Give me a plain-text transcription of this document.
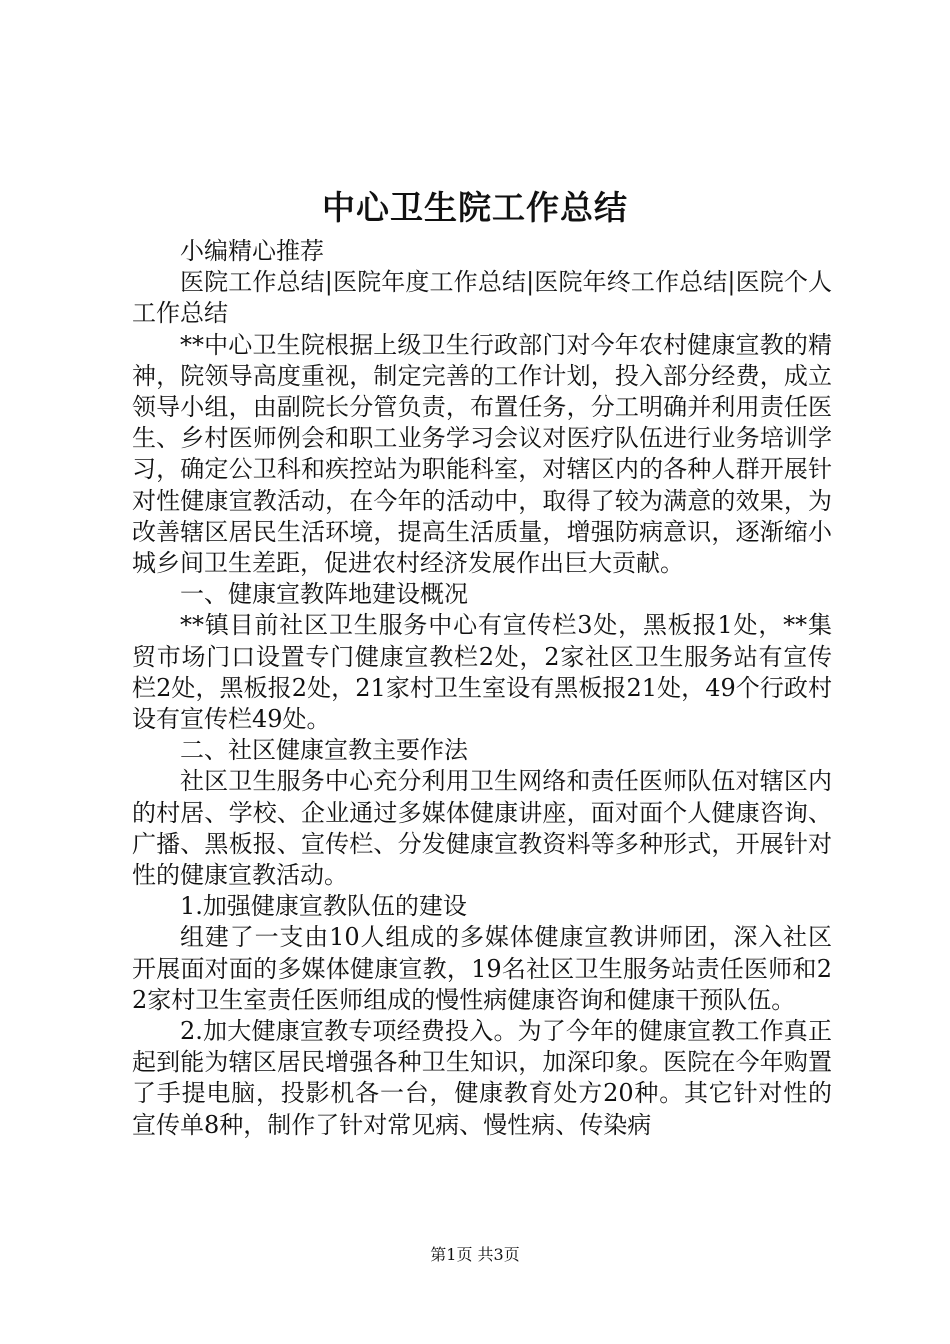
中心卫生院工作总结

小编精心推荐

医院工作总结|医院年度工作总结|医院年终工作总结|医院个人工作总结

**中心卫生院根据上级卫生行政部门对今年农村健康宣教的精神，院领导高度重视，制定完善的工作计划，投入部分经费，成立领导小组，由副院长分管负责，布置任务，分工明确并利用责任医生、乡村医师例会和职工业务学习会议对医疗队伍进行业务培训学习，确定公卫科和疾控站为职能科室，对辖区内的各种人群开展针对性健康宣教活动，在今年的活动中，取得了较为满意的效果，为改善辖区居民生活环境，提高生活质量，增强防病意识，逐渐缩小城乡间卫生差距，促进农村经济发展作出巨大贡献。

一、健康宣教阵地建设概况

**镇目前社区卫生服务中心有宣传栏3处，黑板报1处，**集贸市场门口设置专门健康宣教栏2处，2家社区卫生服务站有宣传栏2处，黑板报2处，21家村卫生室设有黑板报21处，49个行政村设有宣传栏49处。

二、社区健康宣教主要作法

社区卫生服务中心充分利用卫生网络和责任医师队伍对辖区内的村居、学校、企业通过多媒体健康讲座，面对面个人健康咨询、广播、黑板报、宣传栏、分发健康宣教资料等多种形式，开展针对性的健康宣教活动。

1.加强健康宣教队伍的建设

组建了一支由10人组成的多媒体健康宣教讲师团，深入社区开展面对面的多媒体健康宣教，19名社区卫生服务站责任医师和22家村卫生室责任医师组成的慢性病健康咨询和健康干预队伍。

2.加大健康宣教专项经费投入。为了今年的健康宣教工作真正起到能为辖区居民增强各种卫生知识，加深印象。医院在今年购置了手提电脑，投影机各一台，健康教育处方20种。其它针对性的宣传单8种，制作了针对常见病、慢性病、传染病

第1页 共3页
